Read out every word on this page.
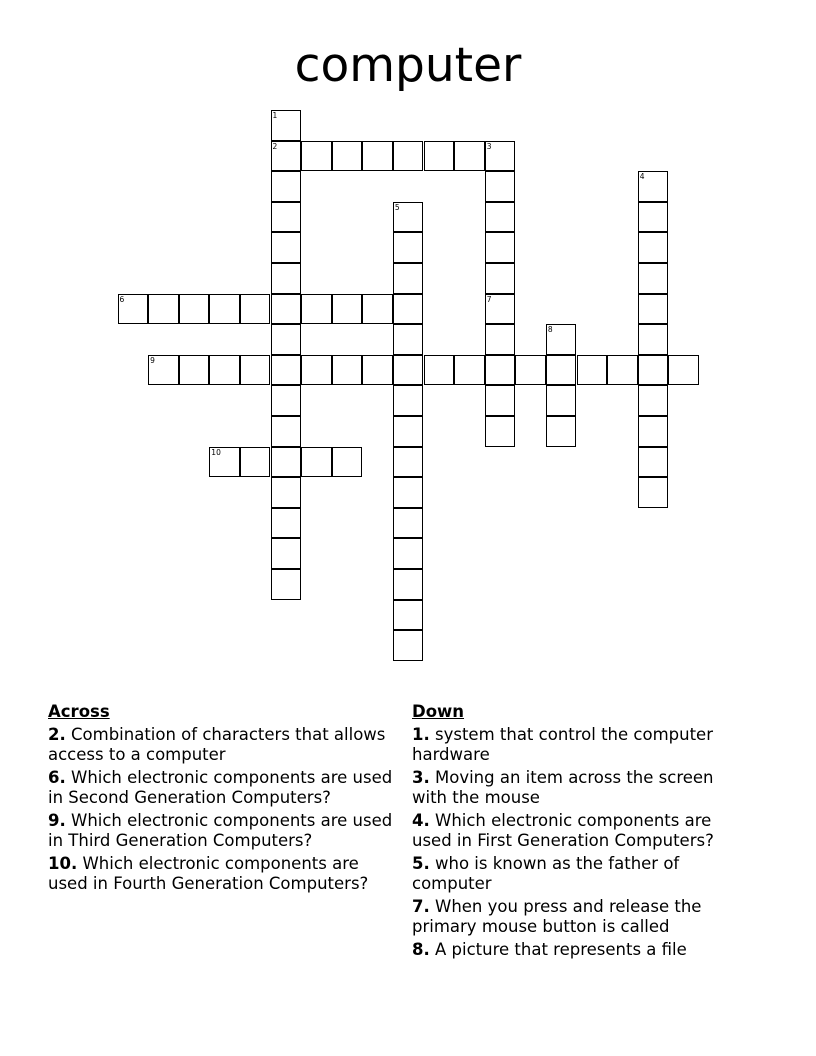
computer
1
2	3
4
5
6	7
8
9
10
Across
2. Combination of characters that allows access to a computer
6. Which electronic components are used in Second Generation Computers?
9. Which electronic components are used in Third Generation Computers?
10. Which electronic components are used in Fourth Generation Computers?
Down
1. system that control the computer hardware
3. Moving an item across the screen with the mouse
4. Which electronic components are used in First Generation Computers?
5. who is known as the father of computer
7. When you press and release the primary mouse button is called
8. A picture that represents a file
